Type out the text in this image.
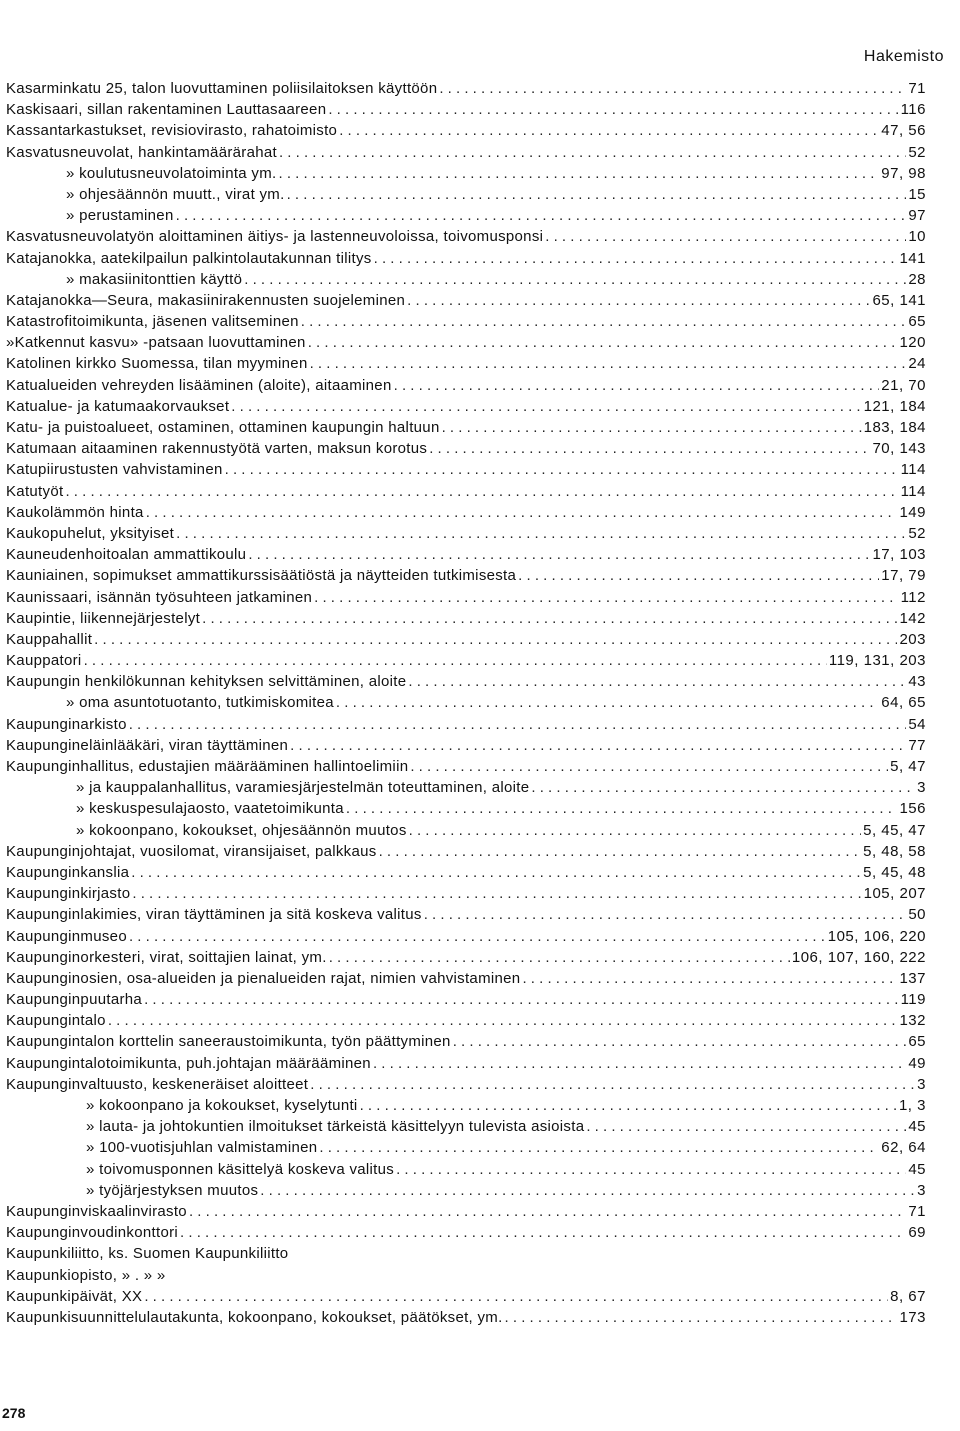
Hakemisto
Kasarminkatu 25, talon luovuttaminen poliisilaitoksen käyttöön . . .	71
Kaskisaari, sillan rakentaminen Lauttasaareen . . .	116
Kassantarkastukset, revisiovirasto, rahatoimisto . . .	47, 56
Kasvatusneuvolat, hankintamäärärahat . . .	52
» koulutusneuvolatoiminta ym. . . .	97, 98
» ohjesäännön muutt., virat ym. . . .	15
» perustaminen . . .	97
Kasvatusneuvolatyön aloittaminen äitiys- ja lastenneuvoloissa, toivomusponsi . . .	10
Katajanokka, aatekilpailun palkintolautakunnan tilitys . . .	141
» makasiinitonttien käyttö . . .	28
Katajanokka—Seura, makasiinirakennusten suojeleminen . . .	65, 141
Katastrofitoimikunta, jäsenen valitseminen . . .	65
»Katkennut kasvu» -patsaan luovuttaminen . . .	120
Katolinen kirkko Suomessa, tilan myyminen . . .	24
Katualueiden vehreyden lisääminen (aloite), aitaaminen . . .	21, 70
Katualue- ja katumaakorvaukset . . .	121, 184
Katu- ja puistoalueet, ostaminen, ottaminen kaupungin haltuun . . .	183, 184
Katumaan aitaaminen rakennustyötä varten, maksun korotus . . .	70, 143
Katupiirustusten vahvistaminen . . .	114
Katutyöt . . .	114
Kaukolämmön hinta . . .	149
Kaukopuhelut, yksityiset . . .	52
Kauneudenhoitoalan ammattikoulu . . .	17, 103
Kauniainen, sopimukset ammattikurssisäätiöstä ja näytteiden tutkimisesta . . .	17, 79
Kaunissaari, isännän työsuhteen jatkaminen . . .	112
Kaupintie, liikennejärjestelyt . . .	142
Kauppahallit . . .	203
Kauppatori . . .	119, 131, 203
Kaupungin henkilökunnan kehityksen selvittäminen, aloite . . .	43
» oma asuntotuotanto, tutkimiskomitea . . .	64, 65
Kaupunginarkisto . . .	54
Kaupungineläinlääkäri, viran täyttäminen . . .	77
Kaupunginhallitus, edustajien määrääminen hallintoelimiin . . .	5, 47
» ja kauppalanhallitus, varamiesjärjestelmän toteuttaminen, aloite . . .	3
» keskuspesulajaosto, vaatetoimikunta . . .	156
» kokoonpano, kokoukset, ohjesäännön muutos . . .	5, 45, 47
Kaupunginjohtajat, vuosilomat, viransijaiset, palkkaus . . .	5, 48, 58
Kaupunginkanslia . . .	5, 45, 48
Kaupunginkirjasto . . .	105, 207
Kaupunginlakimies, viran täyttäminen ja sitä koskeva valitus . . .	50
Kaupunginmuseo . . .	105, 106, 220
Kaupunginorkesteri, virat, soittajien lainat, ym. . . .	106, 107, 160, 222
Kaupunginosien, osa-alueiden ja pienalueiden rajat, nimien vahvistaminen . . .	137
Kaupunginpuutarha . . .	119
Kaupungintalo . . .	132
Kaupungintalon korttelin saneeraustoimikunta, työn päättyminen . . .	65
Kaupungintalotoimikunta, puh.johtajan määrääminen . . .	49
Kaupunginvaltuusto, keskeneräiset aloitteet . . .	3
» kokoonpano ja kokoukset, kyselytunti . . .	1, 3
» lauta- ja johtokuntien ilmoitukset tärkeistä käsittelyyn tulevista asioista . . .	45
» 100-vuotisjuhlan valmistaminen . . .	62, 64
» toivomusponnen käsittelyä koskeva valitus . . .	45
» työjärjestyksen muutos . . .	3
Kaupunginviskaalinvirasto . . .	71
Kaupunginvoudinkonttori . . .	69
Kaupunkiliitto, ks. Suomen Kaupunkiliitto
Kaupunkiopisto, » . » »
Kaupunkipäivät, XX . . .	8, 67
Kaupunkisuunnittelulautakunta, kokoonpano, kokoukset, päätökset, ym. . . .	173
278
